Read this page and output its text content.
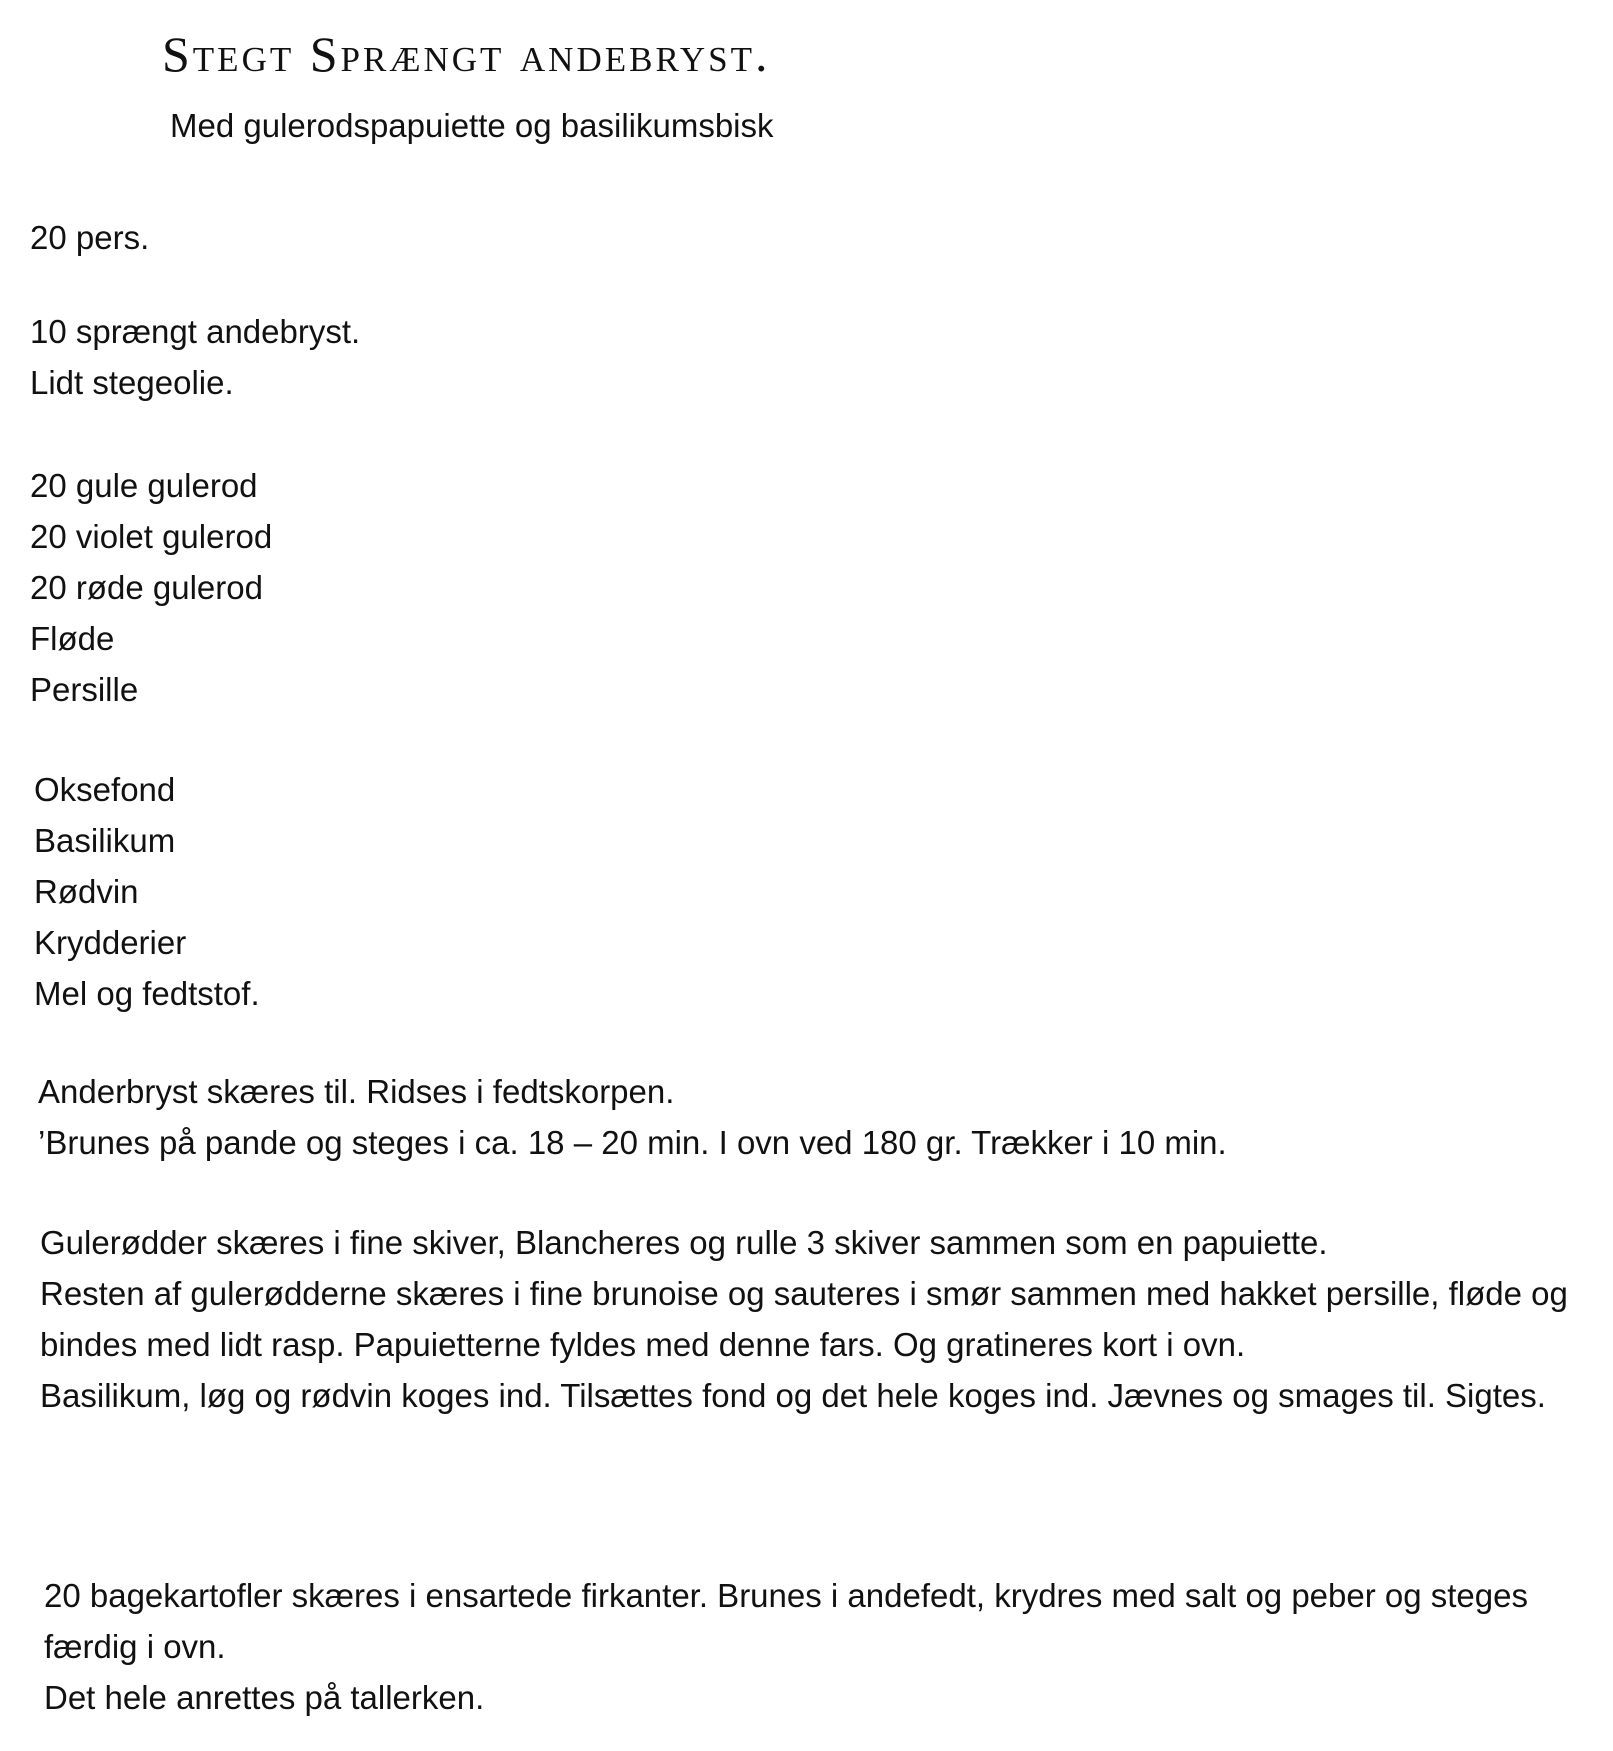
Stegt Sprængt andebryst.
Med gulerodspapuiette og basilikumsbisk
20 pers.
10 sprængt andebryst.
Lidt stegeolie.
20 gule gulerod
20 violet gulerod
20 røde gulerod
Fløde
Persille
Oksefond
Basilikum
Rødvin
Krydderier
Mel og fedtstof.
Anderbryst skæres til. Ridses i fedtskorpen.
’Brunes på pande og steges i ca. 18 – 20 min. I ovn ved 180 gr. Trækker i 10 min.
Gulerødder skæres i fine skiver, Blancheres og rulle 3 skiver sammen som en papuiette.
Resten af gulerødderne skæres i fine brunoise og sauteres i smør sammen med hakket persille, fløde og bindes med lidt rasp. Papuietterne fyldes med denne fars. Og gratineres kort i ovn.
Basilikum, løg og rødvin koges ind. Tilsættes fond og det hele koges ind. Jævnes og smages til. Sigtes.
20 bagekartofler skæres i ensartede firkanter. Brunes i andefedt, krydres med salt og peber og steges færdig i ovn.
Det hele anrettes på tallerken.
